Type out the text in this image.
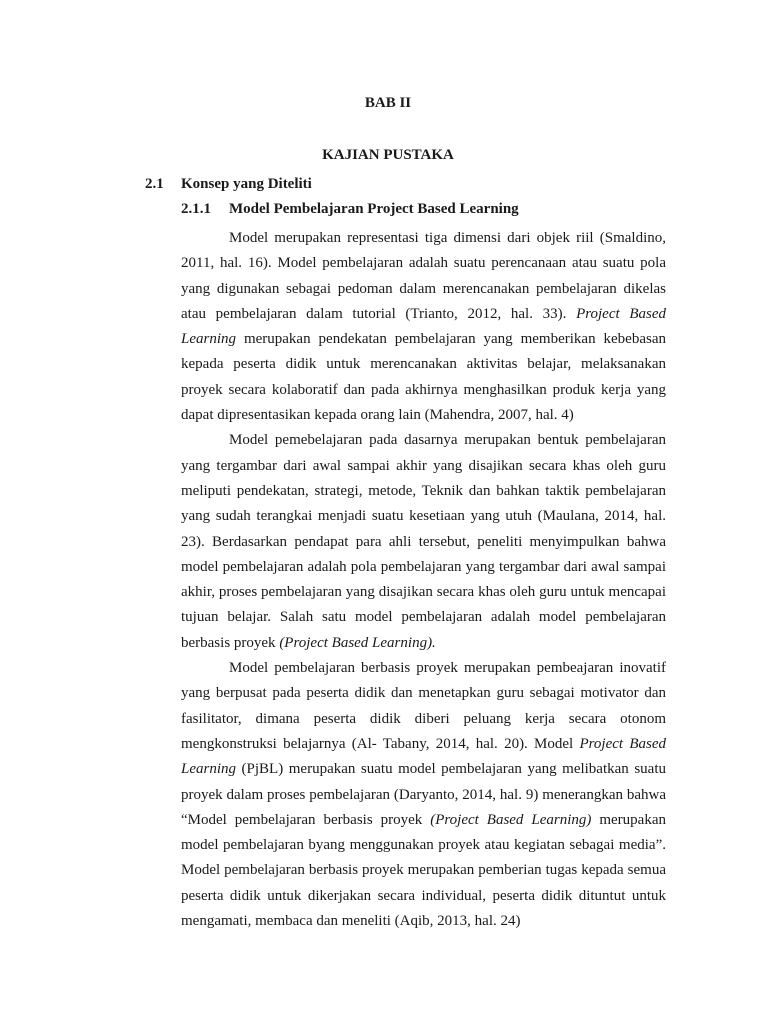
BAB II
KAJIAN PUSTAKA
2.1 Konsep yang Diteliti
2.1.1 Model Pembelajaran Project Based Learning

Model merupakan representasi tiga dimensi dari objek riil (Smaldino, 2011, hal. 16). Model pembelajaran adalah suatu perencanaan atau suatu pola yang digunakan sebagai pedoman dalam merencanakan pembelajaran dikelas atau pembelajaran dalam tutorial (Trianto, 2012, hal. 33). Project Based Learning merupakan pendekatan pembelajaran yang memberikan kebebasan kepada peserta didik untuk merencanakan aktivitas belajar, melaksanakan proyek secara kolaboratif dan pada akhirnya menghasilkan produk kerja yang dapat dipresentasikan kepada orang lain (Mahendra, 2007, hal. 4)

Model pemebelajaran pada dasarnya merupakan bentuk pembelajaran yang tergambar dari awal sampai akhir yang disajikan secara khas oleh guru meliputi pendekatan, strategi, metode, Teknik dan bahkan taktik pembelajaran yang sudah terangkai menjadi suatu kesetiaan yang utuh (Maulana, 2014, hal. 23). Berdasarkan pendapat para ahli tersebut, peneliti menyimpulkan bahwa model pembelajaran adalah pola pembelajaran yang tergambar dari awal sampai akhir, proses pembelajaran yang disajikan secara khas oleh guru untuk mencapai tujuan belajar. Salah satu model pembelajaran adalah model pembelajaran berbasis proyek (Project Based Learning).

Model pembelajaran berbasis proyek merupakan pembeajaran inovatif yang berpusat pada peserta didik dan menetapkan guru sebagai motivator dan fasilitator, dimana peserta didik diberi peluang kerja secara otonom mengkonstruksi belajarnya (Al- Tabany, 2014, hal. 20). Model Project Based Learning (PjBL) merupakan suatu model pembelajaran yang melibatkan suatu proyek dalam proses pembelajaran (Daryanto, 2014, hal. 9) menerangkan bahwa “Model pembelajaran berbasis proyek (Project Based Learning) merupakan model pembelajaran byang menggunakan proyek atau kegiatan sebagai media”. Model pembelajaran berbasis proyek merupakan pemberian tugas kepada semua peserta didik untuk dikerjakan secara individual, peserta didik dituntut untuk mengamati, membaca dan meneliti (Aqib, 2013, hal. 24)
